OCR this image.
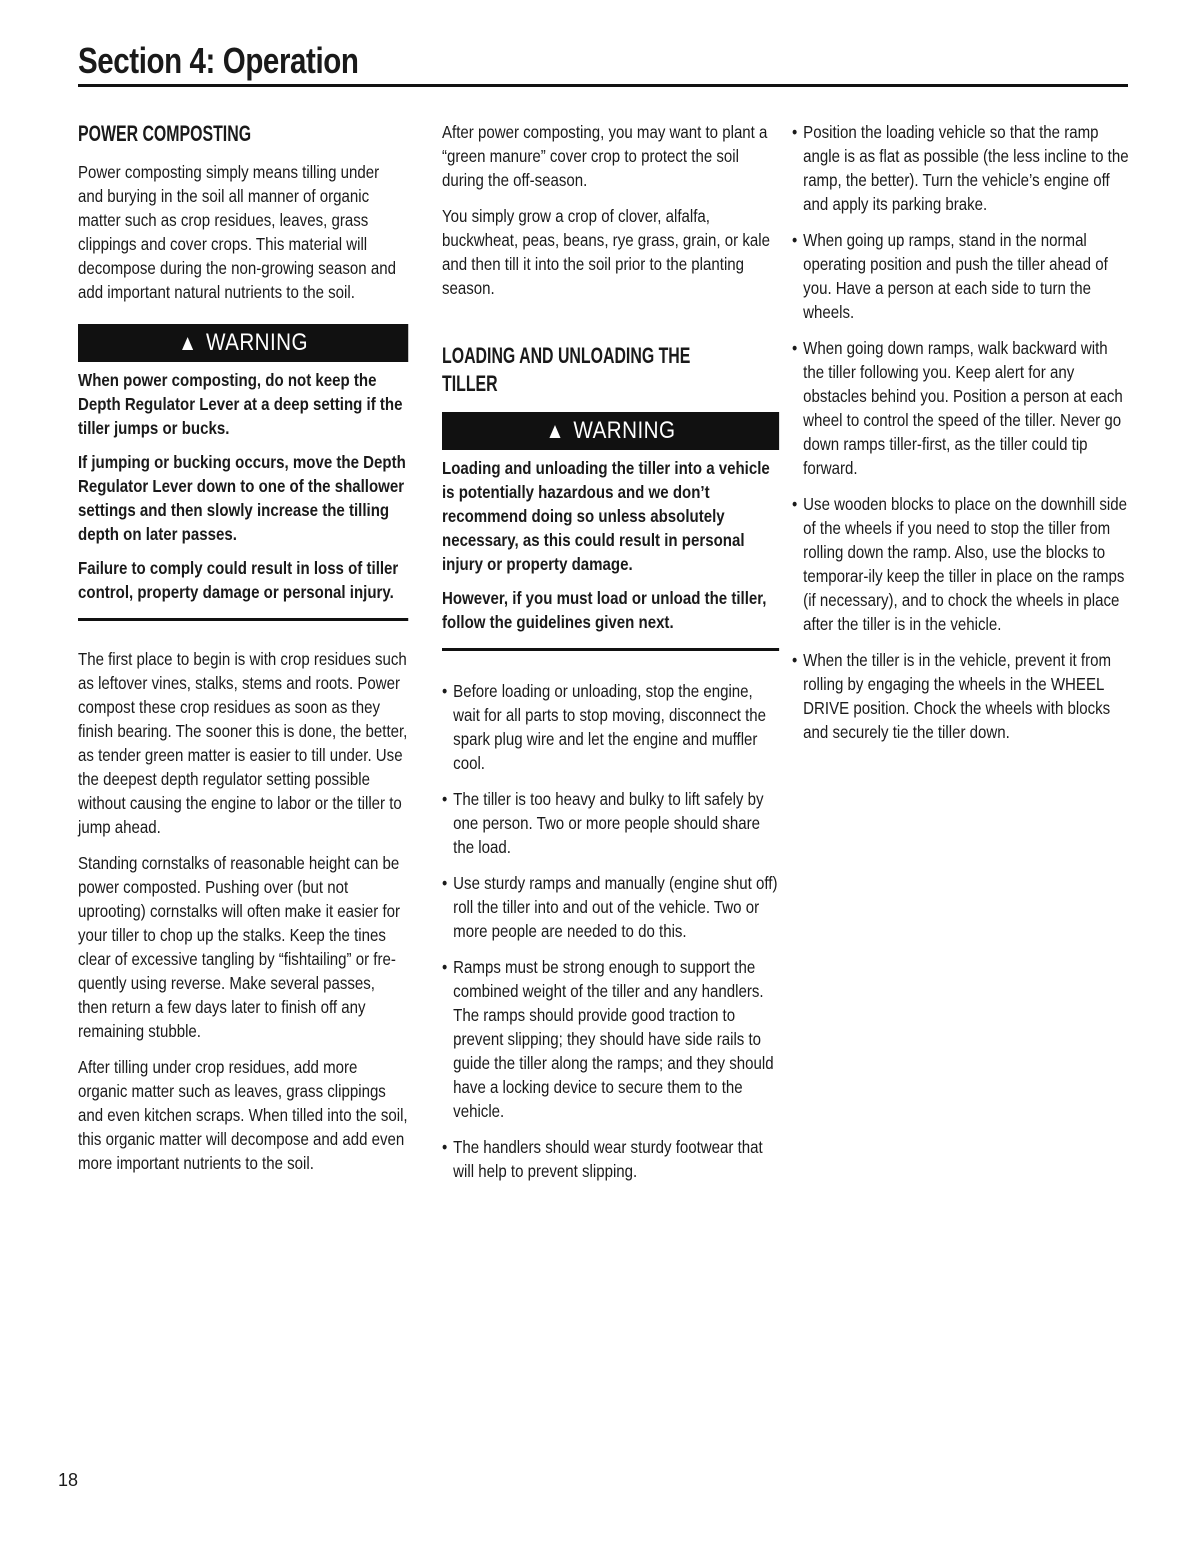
Section 4: Operation
POWER COMPOSTING

Power composting simply means tilling under and burying in the soil all manner of organic matter such as crop residues, leaves, grass clippings and cover crops. This material will decompose during the non-growing season and add important natural nutrients to the soil.

▲ WARNING

When power composting, do not keep the Depth Regulator Lever at a deep setting if the tiller jumps or bucks.

If jumping or bucking occurs, move the Depth Regulator Lever down to one of the shallower settings and then slowly increase the tilling depth on later passes.

Failure to comply could result in loss of tiller control, property damage or personal injury.

The first place to begin is with crop residues such as leftover vines, stalks, stems and roots. Power compost these crop residues as soon as they finish bearing. The sooner this is done, the better, as tender green matter is easier to till under. Use the deepest depth regulator setting possible without causing the engine to labor or the tiller to jump ahead.

Standing cornstalks of reasonable height can be power composted. Pushing over (but not uprooting) cornstalks will often make it easier for your tiller to chop up the stalks. Keep the tines clear of excessive tangling by “fishtailing” or fre-quently using reverse. Make several passes, then return a few days later to finish off any remaining stubble.

After tilling under crop residues, add more organic matter such as leaves, grass clippings and even kitchen scraps. When tilled into the soil, this organic matter will decompose and add even more important nutrients to the soil.

After power composting, you may want to plant a “green manure” cover crop to protect the soil during the off-season.

You simply grow a crop of clover, alfalfa, buckwheat, peas, beans, rye grass, grain, or kale and then till it into the soil prior to the planting season.

LOADING AND UNLOADING THE TILLER
▲ WARNING

Loading and unloading the tiller into a vehicle is potentially hazardous and we don’t recommend doing so unless absolutely necessary, as this could result in personal injury or property damage.

However, if you must load or unload the tiller, follow the guidelines given next.

• Before loading or unloading, stop the engine, wait for all parts to stop moving, disconnect the spark plug wire and let the engine and muffler cool.
• The tiller is too heavy and bulky to lift safely by one person. Two or more people should share the load.
• Use sturdy ramps and manually (engine shut off) roll the tiller into and out of the vehicle. Two or more people are needed to do this.
• Ramps must be strong enough to support the combined weight of the tiller and any handlers. The ramps should provide good traction to prevent slipping; they should have side rails to guide the tiller along the ramps; and they should have a locking device to secure them to the vehicle.
• The handlers should wear sturdy footwear that will help to prevent slipping.
• Position the loading vehicle so that the ramp angle is as flat as possible (the less incline to the ramp, the better). Turn the vehicle’s engine off and apply its parking brake.
• When going up ramps, stand in the normal operating position and push the tiller ahead of you. Have a person at each side to turn the wheels.
• When going down ramps, walk backward with the tiller following you. Keep alert for any obstacles behind you. Position a person at each wheel to control the speed of the tiller. Never go down ramps tiller-first, as the tiller could tip forward.
• Use wooden blocks to place on the downhill side of the wheels if you need to stop the tiller from rolling down the ramp. Also, use the blocks to temporar-ily keep the tiller in place on the ramps (if necessary), and to chock the wheels in place after the tiller is in the vehicle.
• When the tiller is in the vehicle, prevent it from rolling by engaging the wheels in the WHEEL DRIVE position. Chock the wheels with blocks and securely tie the tiller down.
18
